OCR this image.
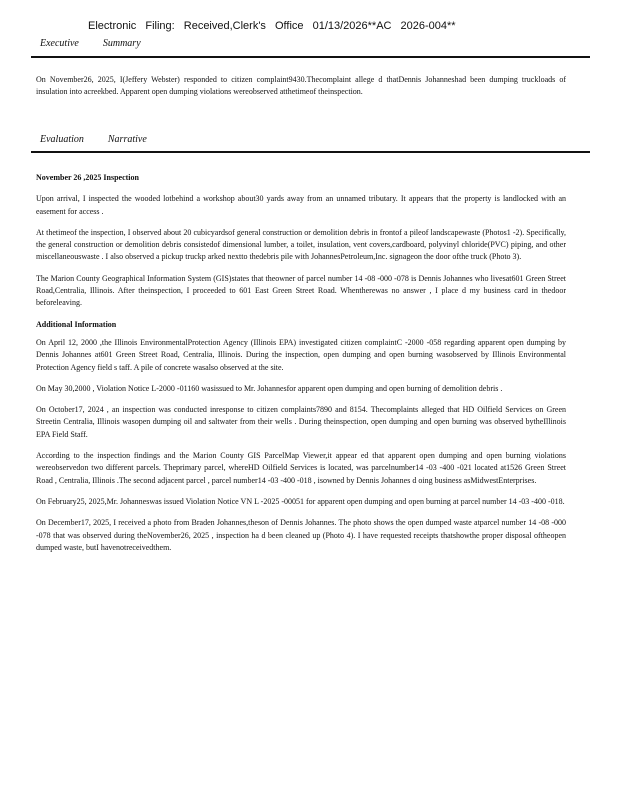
Electronic Filing: Received,Clerk's Office 01/13/2026**AC 2026-004**
Executive Summary

On November26, 2025, I(Jeffery Webster) responded to citizen complaint9430.Thecomplaint allege d thatDennis Johanneshad been dumping truckloads of insulation into acreekbed. Apparent open dumping violations wereobserved atthetimeof theinspection.

Evaluation Narrative
November 26 ,2025 Inspection

Upon arrival, I inspected the wooded lotbehind a workshop about30 yards away from an unnamed tributary. It appears that the property is landlocked with an easement for access .

At thetimeof the inspection, I observed about 20 cubicyardsof general construction or demolition debris in frontof a pileof landscapewaste (Photos1 -2). Specifically, the general construction or demolition debris consistedof dimensional lumber, a toilet, insulation, vent covers,cardboard, polyvinyl chloride(PVC) piping, and other miscellaneouswaste . I also observed a pickup truckp arked nextto thedebris pile with JohannesPetroleum,Inc. signageon the door ofthe truck (Photo 3).

The Marion County Geographical Information System (GIS)states that theowner of parcel number 14 -08 -000 -078 is Dennis Johannes who livesat601 Green Street Road,Centralia, Illinois. After theinspection, I proceeded to 601 East Green Street Road. Whentherewas no answer , I place d my business card in thedoor beforeleaving.

Additional Information

On April 12, 2000 ,the Illinois EnvironmentalProtection Agency (Illinois EPA) investigated citizen complaintC -2000 -058 regarding apparent open dumping by Dennis Johannes at601 Green Street Road, Centralia, Illinois. During the inspection, open dumping and open burning wasobserved by Illinois Environmental Protection Agency field s taff. A pile of concrete wasalso observed at the site.

On May 30,2000 , Violation Notice L-2000 -01160 wasissued to Mr. Johannesfor apparent open dumping and open burning of demolition debris .

On October17, 2024 , an inspection was conducted inresponse to citizen complaints7890 and 8154. Thecomplaints alleged that HD Oilfield Services on Green Streetin Centralia, Illinois wasopen dumping oil and saltwater from their wells . During theinspection, open dumping and open burning was observed bytheIllinois EPA Field Staff.

According to the inspection findings and the Marion County GIS ParcelMap Viewer,it appear ed that apparent open dumping and open burning violations wereobservedon two different parcels. Theprimary parcel, whereHD Oilfield Services is located, was parcelnumber14 -03 -400 -021 located at1526 Green Street Road , Centralia, Illinois .The second adjacent parcel , parcel number14 -03 -400 -018 , isowned by Dennis Johannes d oing business asMidwestEnterprises.

On February25, 2025,Mr. Johanneswas issued Violation Notice VN L -2025 -00051 for apparent open dumping and open burning at parcel number 14 -03 -400 -018.

On December17, 2025, I received a photo from Braden Johannes,theson of Dennis Johannes. The photo shows the open dumped waste atparcel number 14 -08 -000 -078 that was observed during theNovember26, 2025 , inspection ha d been cleaned up (Photo 4). I have requested receipts thatshowthe proper disposal oftheopen dumped waste, butI havenotreceivedthem.
